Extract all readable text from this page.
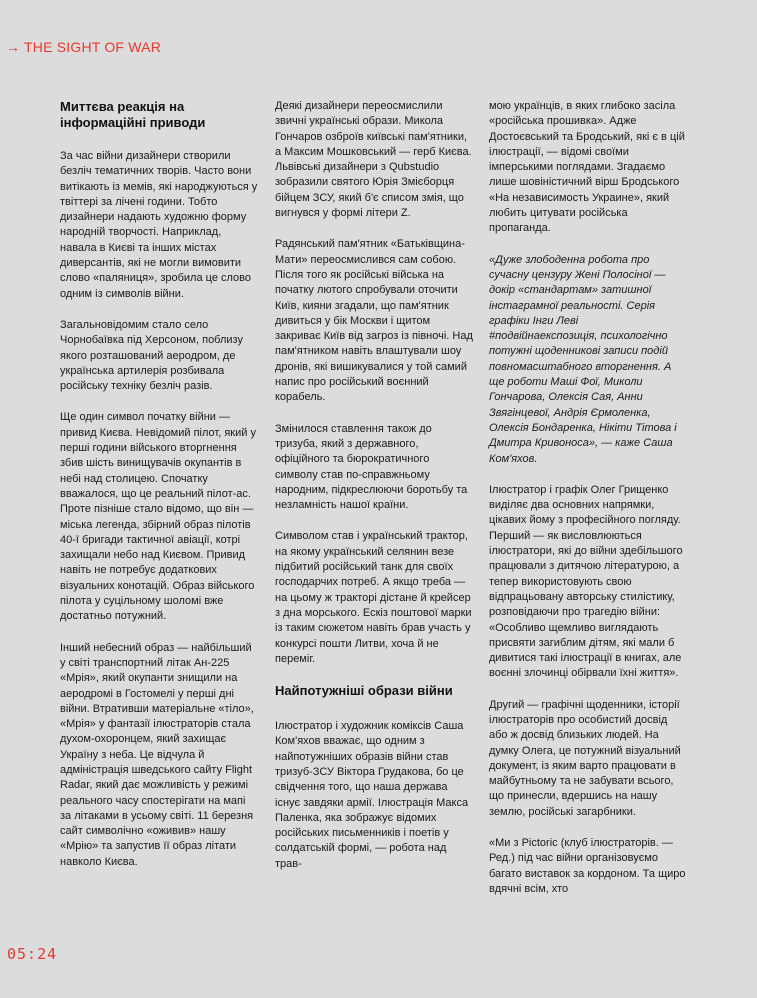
→ THE SIGHT OF WAR
Миттєва реакція на інформаційні приводи

За час війни дизайнери створили безліч тематичних творів. Часто вони витікають із мемів, які народжуються у твіттері за лічені години. Тобто дизайнери надають художню форму народній творчості. Наприклад, навала в Києві та інших містах диверсантів, які не могли вимовити слово «паляниця», зробила це слово одним із символів війни.

Загальновідомим стало село Чорнобаївка під Херсоном, поблизу якого розташований аеродром, де українська артилерія розбивала російську техніку безліч разів.

Ще один символ початку війни — привид Києва. Невідомий пілот, який у перші години війського вторгнення збив шість винищувачів окупантів в небі над столицею. Спочатку вважалося, що це реальний пілот-ас. Проте пізніше стало відомо, що він — міська легенда, збірний образ пілотів 40-ї бригади тактичної авіації, котрі захищали небо над Києвом. Привид навіть не потребує додаткових візуальних конотацій. Образ війського пілота у суцільному шоломі вже достатньо потужний.

Інший небесний образ — найбільший у світі транспортний літак Ан-225 «Мрія», який окупанти знищили на аеродромі в Гостомелі у перші дні війни. Втративши матеріальне «тіло», «Мрія» у фантазії ілюстраторів стала духом-охоронцем, який захищає Україну з неба. Це відчула й адміністрація шведського сайту Flight Radar, який дає можливість у режимі реального часу спостерігати на мапі за літаками в усьому світі. 11 березня сайт символічно «оживив» нашу «Мрію» та запустив її образ літати навколо Києва.

Деякі дизайнери переосмислили звичні українські образи. Микола Гончаров озброїв київські пам'ятники, а Максим Мошковський — герб Києва. Львівські дизайнери з Qubstudio зобразили святого Юрія Змієборця бійцем ЗСУ, який б'є списом змія, що вигнувся у формі літери Z.

Радянський пам'ятник «Батьківщина-Мати» переосмислився сам собою. Після того як російські війська на початку лютого спробували оточити Київ, кияни згадали, що пам'ятник дивиться у бік Москви і щитом закриває Київ від загроз із півночі. Над пам'ятником навіть влаштували шоу дронів, які вишикувалися у той самий напис про російський воєнний корабель.

Змінилося ставлення також до тризуба, який з державного, офіційного та бюрократичного символу став по-справжньому народним, підкреслюючи боротьбу та незламність нашої країни.

Символом став і український трактор, на якому український селянин везе підбитий російський танк для своїх господарчих потреб. А якщо треба — на цьому ж тракторі дістане й крейсер з дна морського. Ескіз поштової марки із таким сюжетом навіть брав участь у конкурсі пошти Литви, хоча й не переміг.

Найпотужніші образи війни

Ілюстратор і художник коміксів Саша Ком'яхов вважає, що одним з найпотужніших образів війни став тризуб-ЗСУ Віктора Грудакова, бо це свідчення того, що наша держава існує завдяки армії. Ілюстрація Макса Паленка, яка зображує відомих російських письменників і поетів у солдатській формі, — робота над трав-

мою українців, в яких глибоко засіла «російська прошивка». Адже Достоєвський та Бродський, які є в цій ілюстрації, — відомі своїми імперськими поглядами. Згадаємо лише шовіністичний вірш Бродського «На независимость Украине», який любить цитувати російська пропаганда.

«Дуже злободенна робота про сучасну цензуру Жені Полосіної — докір «стандартам» затишної інстаграмної реальності. Серія графіки Інги Леві #подвійнаекспозиція, психологічно потужні щоденникові записи подій повномасштабного вторгнення. А ще роботи Маші Фої, Миколи Гончарова, Олексія Сая, Анни Звягінцевої, Андрія Єрмоленка, Олексія Бондаренка, Нікіти Тітова і Дмитра Кривоноса», — каже Саша Ком'яхов.

Ілюстратор і графік Олег Грищенко виділяє два основних напрямки, цікавих йому з професійного погляду. Перший — як висловлюються ілюстратори, які до війни здебільшого працювали з дитячою літературою, а тепер використовують свою відпрацьовану авторську стилістику, розповідаючи про трагедію війни: «Особливо щемливо виглядають присвяти загиблим дітям, які мали б дивитися такі ілюстрації в книгах, але воєнні злочинці обірвали їхні життя».

Другий — графічні щоденники, історії ілюстраторів про особистий досвід або ж досвід близьких людей. На думку Олега, це потужний візуальний документ, із яким варто працювати в майбутньому та не забувати всього, що принесли, вдершись на нашу землю, російські загарбники.

«Ми з Pictoric (клуб ілюстраторів. — Ред.) під час війни організовуємо багато виставок за кордоном. Та щиро вдячні всім, хто

05:24
